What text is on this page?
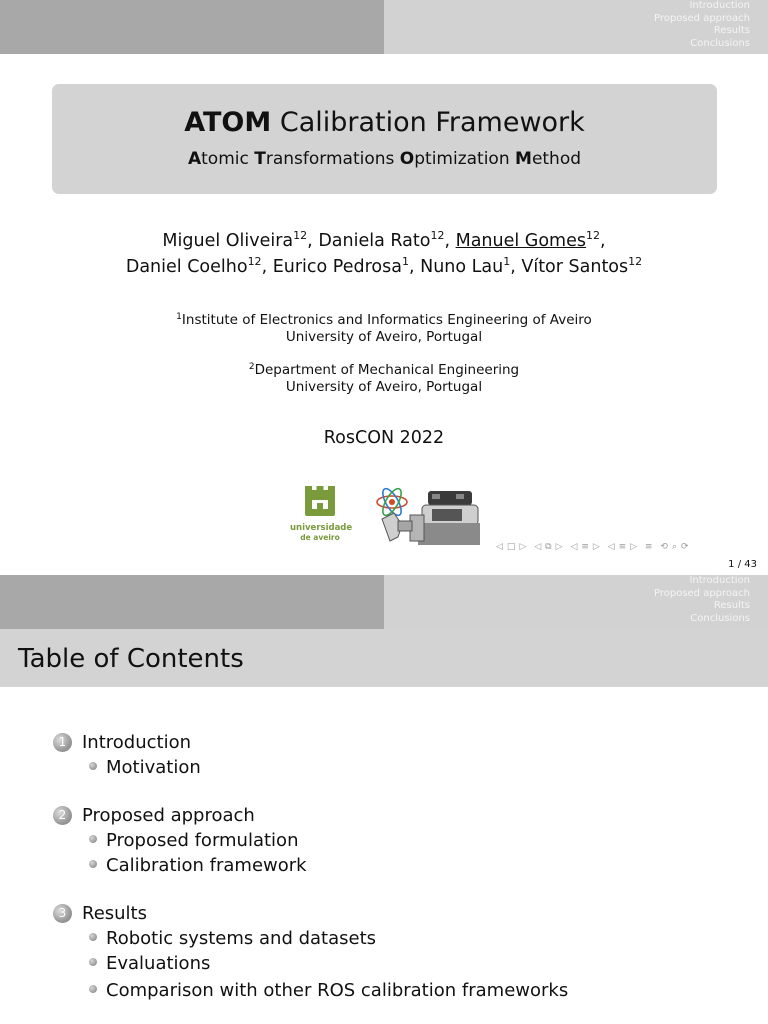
Introduction
Proposed approach
Results
Conclusions
ATOM Calibration Framework
Atomic Transformations Optimization Method
Miguel Oliveira$^{12}$, Daniela Rato$^{12}$, Manuel Gomes$^{12}$,
Daniel Coelho$^{12}$, Eurico Pedrosa$^1$, Nuno Lau$^1$, Vítor Santos$^{12}$
$^1$Institute of Electronics and Informatics Engineering of Aveiro
University of Aveiro, Portugal
$^2$Department of Mechanical Engineering
University of Aveiro, Portugal
RosCON 2022
universidade
de aveiro
◁ □ ▷ ◁ ⧉ ▷ ◁ ≡ ▷ ◁ ≡ ▷ ≡ ⟲ ⌕ ⟳
1 / 43
Introduction
Proposed approach
Results
Conclusions
Table of Contents
1 Introduction
Motivation
2 Proposed approach
Proposed formulation
Calibration framework
3 Results
Robotic systems and datasets
Evaluations
Comparison with other ROS calibration frameworks
